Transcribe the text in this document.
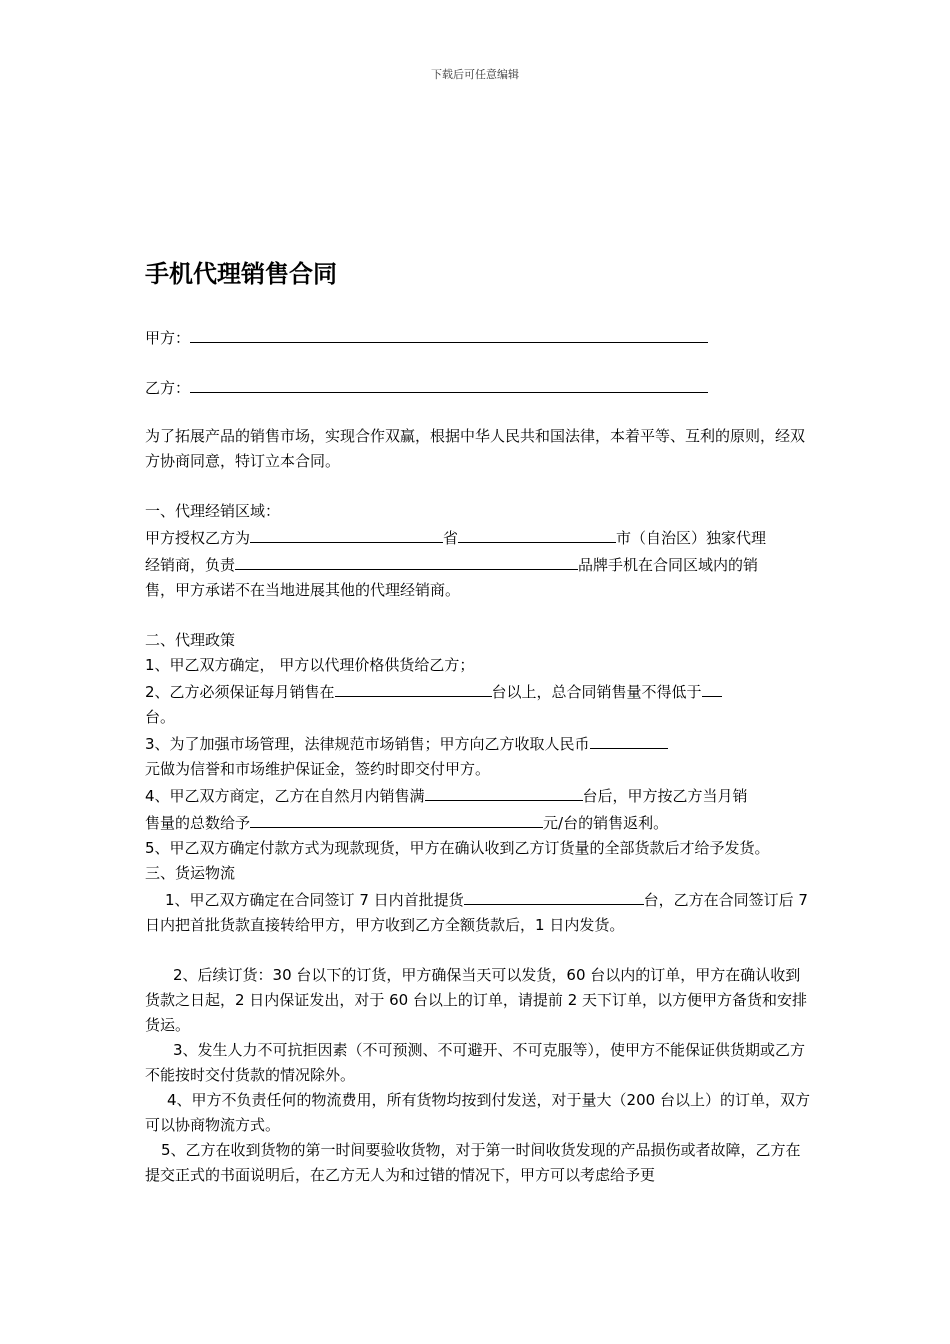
下载后可任意编辑
手机代理销售合同
甲方：
乙方：

为了拓展产品的销售市场，实现合作双赢，根据中华人民共和国法律，本着平等、互利的原则，经双方协商同意，特订立本合同。

一、代理经销区域：

甲方授权乙方为	省	市（自治区）独家代理

经销商，负责	品牌手机在合同区域内的销

售，甲方承诺不在当地进展其他的代理经销商。

二、代理政策

1、甲乙双方确定， 甲方以代理价格供货给乙方；

2、乙方必须保证每月销售在	台以上，总合同销售量不得低于

台。

3、为了加强市场管理，法律规范市场销售；甲方向乙方收取人民币

元做为信誉和市场维护保证金，签约时即交付甲方。

4、甲乙双方商定，乙方在自然月内销售满	台后，甲方按乙方当月销

售量的总数给予	元/台的销售返利。

5、甲乙双方确定付款方式为现款现货，甲方在确认收到乙方订货量的全部货款后才给予发货。

三、货运物流

1、甲乙双方确定在合同签订 7 日内首批提货	台，乙方在合同签订后 7 日内把首批货款直接转给甲方，甲方收到乙方全额货款后，1 日内发货。

2、后续订货：30 台以下的订货，甲方确保当天可以发货，60 台以内的订单，甲方在确认收到货款之日起，2 日内保证发出，对于 60 台以上的订单，请提前 2 天下订单，以方便甲方备货和安排货运。

3、发生人力不可抗拒因素（不可预测、不可避开、不可克服等），使甲方不能保证供货期或乙方不能按时交付货款的情况除外。

4、甲方不负责任何的物流费用，所有货物均按到付发送，对于量大（200 台以上）的订单，双方可以协商物流方式。

5、乙方在收到货物的第一时间要验收货物，对于第一时间收货发现的产品损伤或者故障，乙方在提交正式的书面说明后，在乙方无人为和过错的情况下，甲方可以考虑给予更
